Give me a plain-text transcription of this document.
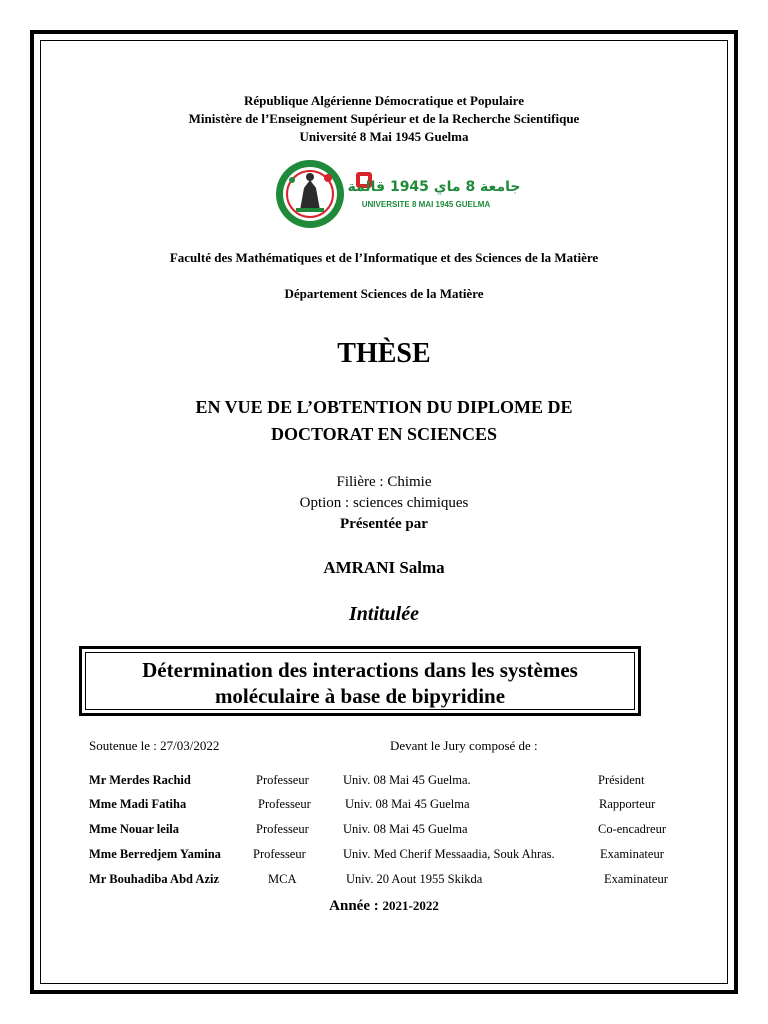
République Algérienne Démocratique et Populaire
Ministère de l’Enseignement Supérieur et de la Recherche Scientifique
Université 8 Mai 1945 Guelma
جامعة 8 ماي 1945 قالمة
UNIVERSITE 8 MAI 1945 GUELMA
Faculté des Mathématiques et de l’Informatique et des Sciences de la Matière
Département Sciences de la Matière
THÈSE
EN VUE DE L’OBTENTION DU DIPLOME DE
DOCTORAT EN SCIENCES
Filière : Chimie
Option : sciences chimiques
Présentée par
AMRANI Salma
Intitulée
Détermination des interactions dans les systèmes
moléculaire à base de bipyridine
Soutenue le : 27/03/2022	Devant le Jury composé de :
Mr Merdes Rachid	Professeur	Univ. 08 Mai 45 Guelma.	Président
Mme Madi Fatiha	Professeur	Univ. 08 Mai 45 Guelma	Rapporteur
Mme Nouar leila	Professeur	Univ. 08 Mai 45 Guelma	Co-encadreur
Mme Berredjem Yamina	Professeur	Univ. Med Cherif Messaadia, Souk Ahras.	Examinateur
Mr Bouhadiba Abd Aziz	MCA	Univ. 20 Aout 1955 Skikda	Examinateur
Année : 2021-2022
